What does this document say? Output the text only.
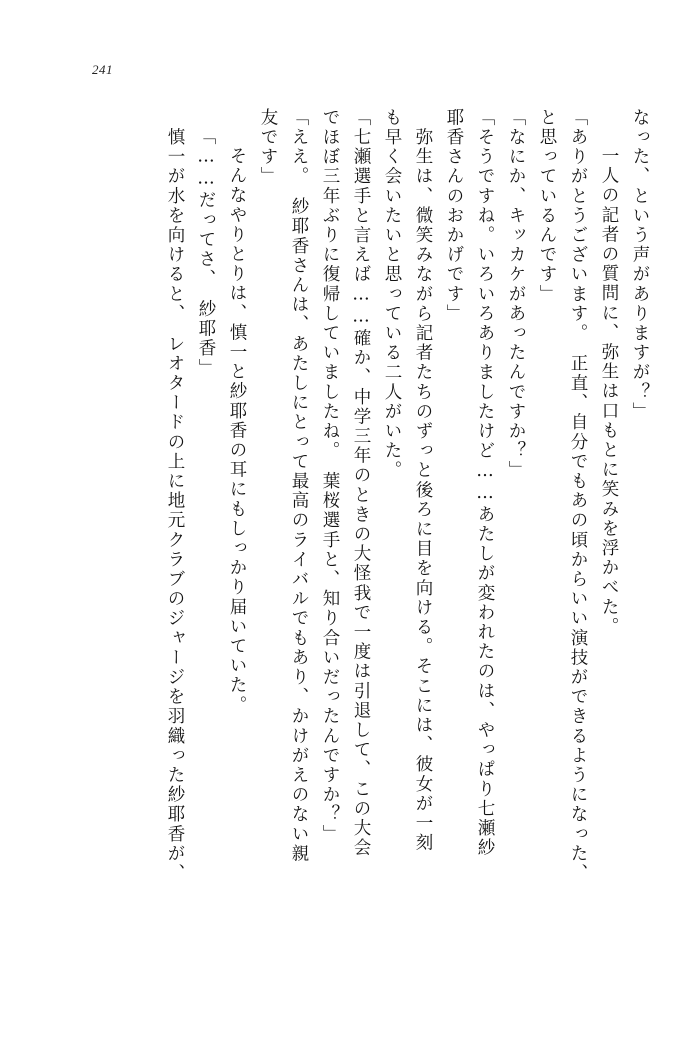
241
なった、という声がありますが？」
　一人の記者の質問に、弥生は口もとに笑みを浮かべた。
「ありがとうございます。　正直、自分でもあの頃からいい演技ができるようになった、
と思っているんです」
「なにか、キッカケがあったんですか？」
「そうですね。いろいろありましたけど……あたしが変われたのは、やっぱり七瀬紗
耶香さんのおかげです」
　弥生は、微笑みながら記者たちのずっと後ろに目を向ける。そこには、彼女が一刻
も早く会いたいと思っている二人がいた。
「七瀬選手と言えば……確か、中学三年のときの大怪我で一度は引退して、この大会
でほぼ三年ぶりに復帰していましたね。　葉桜選手と、知り合いだったんですか？」
「ええ。　紗耶香さんは、あたしにとって最高のライバルでもあり、かけがえのない親
友です」
　そんなやりとりは、慎一と紗耶香の耳にもしっかり届いていた。
「……だってさ、　紗耶香」
　慎一が水を向けると、　レオタードの上に地元クラブのジャージを羽織った紗耶香が、
